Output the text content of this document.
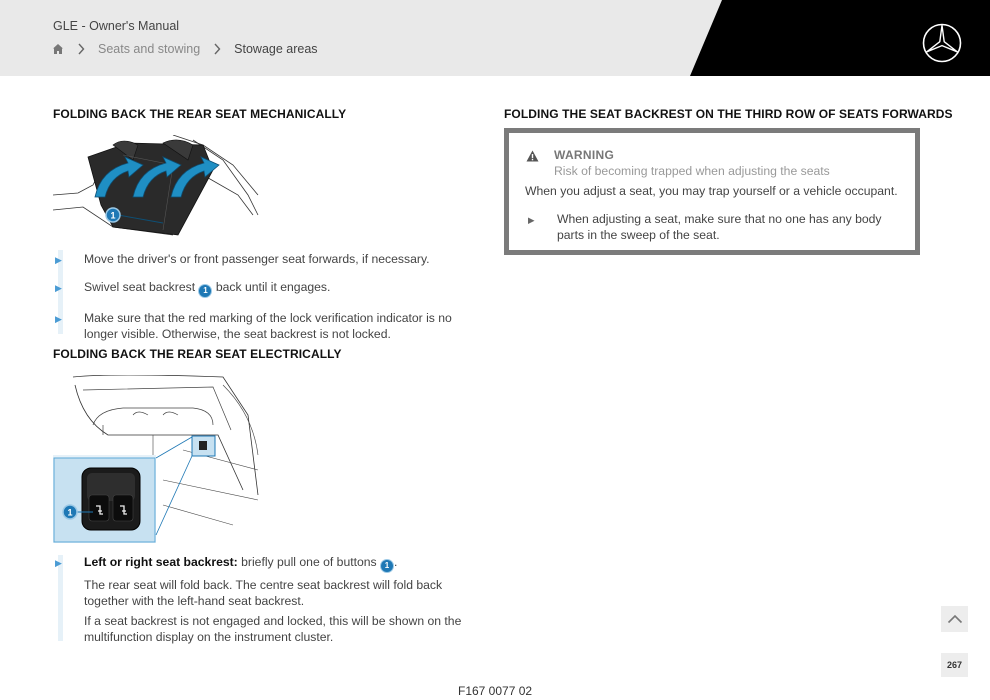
GLE - Owner's Manual
Seats and stowing	Stowage areas
FOLDING BACK THE REAR SEAT MECHANICALLY
1
▶ Move the driver's or front passenger seat forwards, if necessary.
▶ Swivel seat backrest 1 back until it engages.
▶ Make sure that the red marking of the lock verification indicator is no longer visible. Otherwise, the seat backrest is not locked.
FOLDING BACK THE REAR SEAT ELECTRICALLY
1
▶ Left or right seat backrest: briefly pull one of buttons 1 .
The rear seat will fold back. The centre seat backrest will fold back together with the left-hand seat backrest.
If a seat backrest is not engaged and locked, this will be shown on the multifunction display on the instrument cluster.
FOLDING THE SEAT BACKREST ON THE THIRD ROW OF SEATS FORWARDS
WARNING
Risk of becoming trapped when adjusting the seats
When you adjust a seat, you may trap yourself or a vehicle occupant.
▶ When adjusting a seat, make sure that no one has any body parts in the sweep of the seat.
267
F167 0077 02
